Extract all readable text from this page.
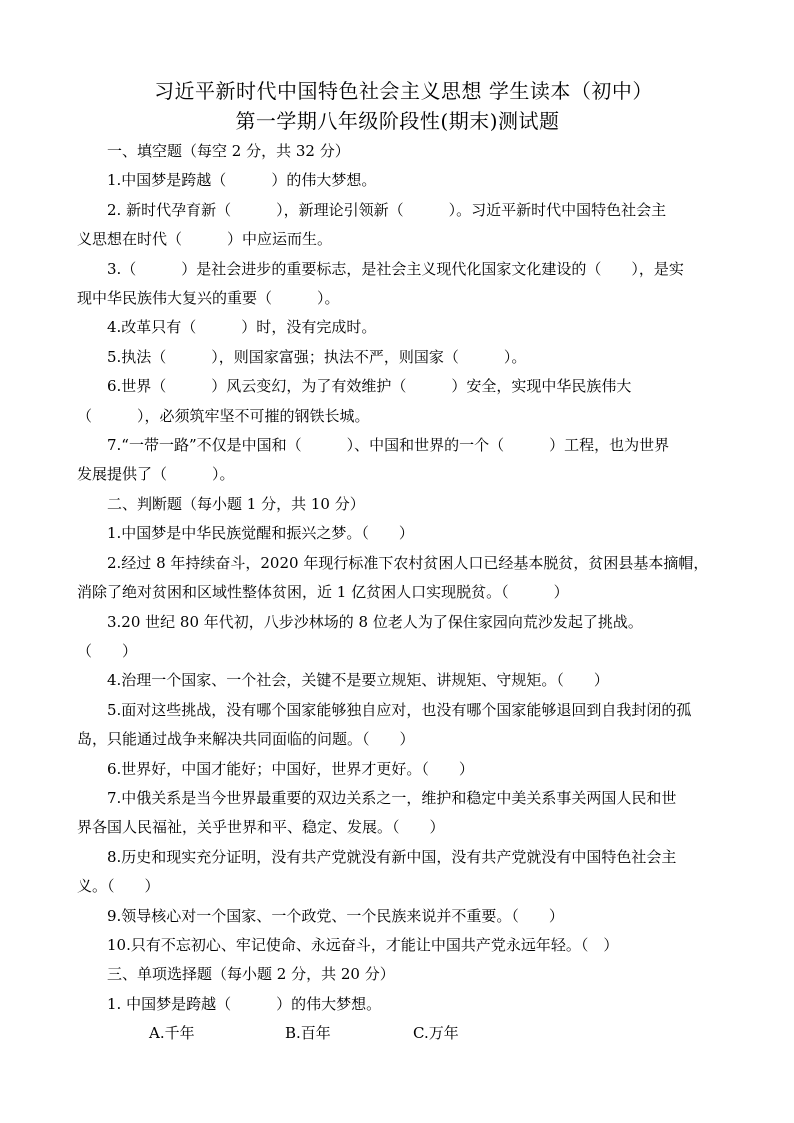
习近平新时代中国特色社会主义思想 学生读本（初中）
第一学期八年级阶段性(期末)测试题

一、填空题（每空 2 分，共 32 分）

1.中国梦是跨越（　　　）的伟大梦想。

2. 新时代孕育新（　　　），新理论引领新（　　　）。习近平新时代中国特色社会主

义思想在时代（　　　）中应运而生。

3.（　　　）是社会进步的重要标志，是社会主义现代化国家文化建设的（　　），是实

现中华民族伟大复兴的重要（　　　）。

4.改革只有（　　　）时，没有完成时。

5.执法（　　　），则国家富强；执法不严，则国家（　　　）。

6.世界（　　　）风云变幻，为了有效维护（　　　）安全，实现中华民族伟大

（　　　），必须筑牢坚不可摧的钢铁长城。

7.“一带一路”不仅是中国和（　　　）、中国和世界的一个（　　　）工程，也为世界

发展提供了（　　　）。

二、判断题（每小题 1 分，共 10 分）

1.中国梦是中华民族觉醒和振兴之梦。（　　）

2.经过 8 年持续奋斗，2020 年现行标准下农村贫困人口已经基本脱贫，贫困县基本摘帽，

消除了绝对贫困和区域性整体贫困，近 1 亿贫困人口实现脱贫。（　　　）

3.20 世纪 80 年代初，八步沙林场的 8 位老人为了保住家园向荒沙发起了挑战。

（　　）

4.治理一个国家、一个社会，关键不是要立规矩、讲规矩、守规矩。（　　）

5.面对这些挑战，没有哪个国家能够独自应对，也没有哪个国家能够退回到自我封闭的孤

岛，只能通过战争来解决共同面临的问题。（　　）

6.世界好，中国才能好；中国好，世界才更好。（　　）

7.中俄关系是当今世界最重要的双边关系之一，维护和稳定中美关系事关两国人民和世

界各国人民福祉，关乎世界和平、稳定、发展。（　　）

8.历史和现实充分证明，没有共产党就没有新中国，没有共产党就没有中国特色社会主

义。（　　）

9.领导核心对一个国家、一个政党、一个民族来说并不重要。（　　）

10.只有不忘初心、牢记使命、永远奋斗，才能让中国共产党永远年轻。（　）

三、单项选择题（每小题 2 分，共 20 分）

1. 中国梦是跨越（　　　）的伟大梦想。

A.千年	B.百年	C.万年
